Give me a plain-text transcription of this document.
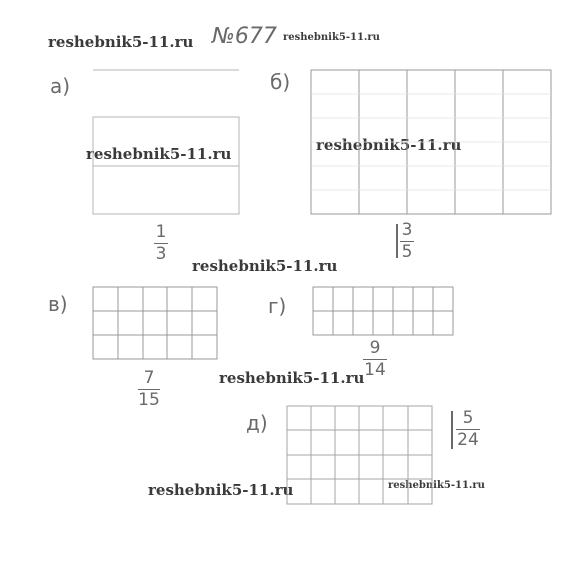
reshebnik5-11.ru	reshebnik5-11.ru
reshebnik5-11.ru	reshebnik5-11.ru
reshebnik5-11.ru
reshebnik5-11.ru
reshebnik5-11.ru	reshebnik5-11.ru
№677
а)	б)
в)	г)
д)
1
3
3
5
7
15
9
14
5
24
